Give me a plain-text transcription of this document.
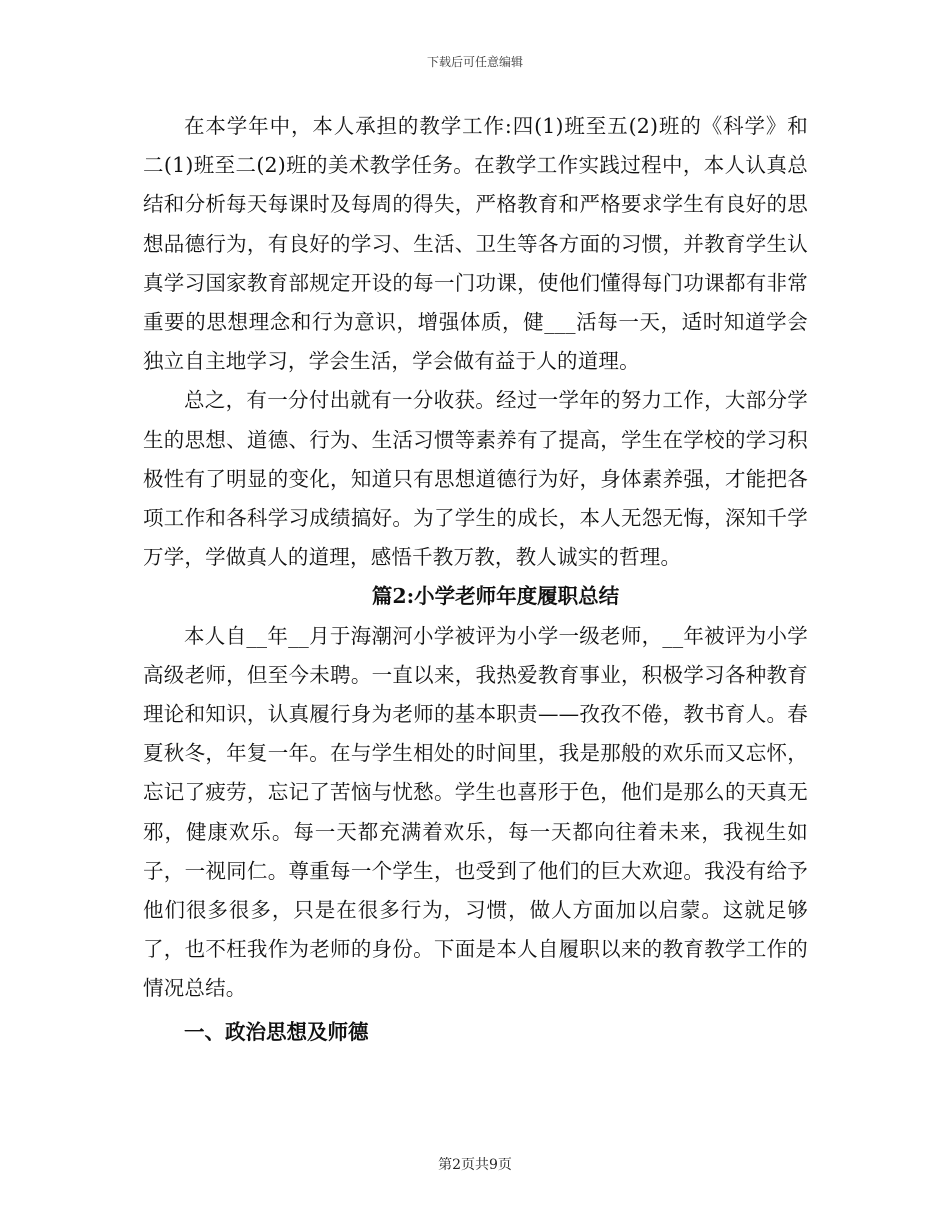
下载后可任意编辑

在本学年中，本人承担的教学工作:四(1)班至五(2)班的《科学》和二(1)班至二(2)班的美术教学任务。在教学工作实践过程中，本人认真总结和分析每天每课时及每周的得失，严格教育和严格要求学生有良好的思想品德行为，有良好的学习、生活、卫生等各方面的习惯，并教育学生认真学习国家教育部规定开设的每一门功课，使他们懂得每门功课都有非常重要的思想理念和行为意识，增强体质，健___活每一天，适时知道学会独立自主地学习，学会生活，学会做有益于人的道理。

总之，有一分付出就有一分收获。经过一学年的努力工作，大部分学生的思想、道德、行为、生活习惯等素养有了提高，学生在学校的学习积极性有了明显的变化，知道只有思想道德行为好，身体素养强，才能把各项工作和各科学习成绩搞好。为了学生的成长，本人无怨无悔，深知千学万学，学做真人的道理，感悟千教万教，教人诚实的哲理。

篇2:小学老师年度履职总结

本人自__年__月于海潮河小学被评为小学一级老师，__年被评为小学高级老师，但至今未聘。一直以来，我热爱教育事业，积极学习各种教育理论和知识，认真履行身为老师的基本职责——孜孜不倦，教书育人。春夏秋冬，年复一年。在与学生相处的时间里，我是那般的欢乐而又忘怀，忘记了疲劳，忘记了苦恼与忧愁。学生也喜形于色，他们是那么的天真无邪，健康欢乐。每一天都充满着欢乐，每一天都向往着未来，我视生如子，一视同仁。尊重每一个学生，也受到了他们的巨大欢迎。我没有给予他们很多很多，只是在很多行为，习惯，做人方面加以启蒙。这就足够了，也不枉我作为老师的身份。下面是本人自履职以来的教育教学工作的情况总结。

一、政治思想及师德

第2页共9页
